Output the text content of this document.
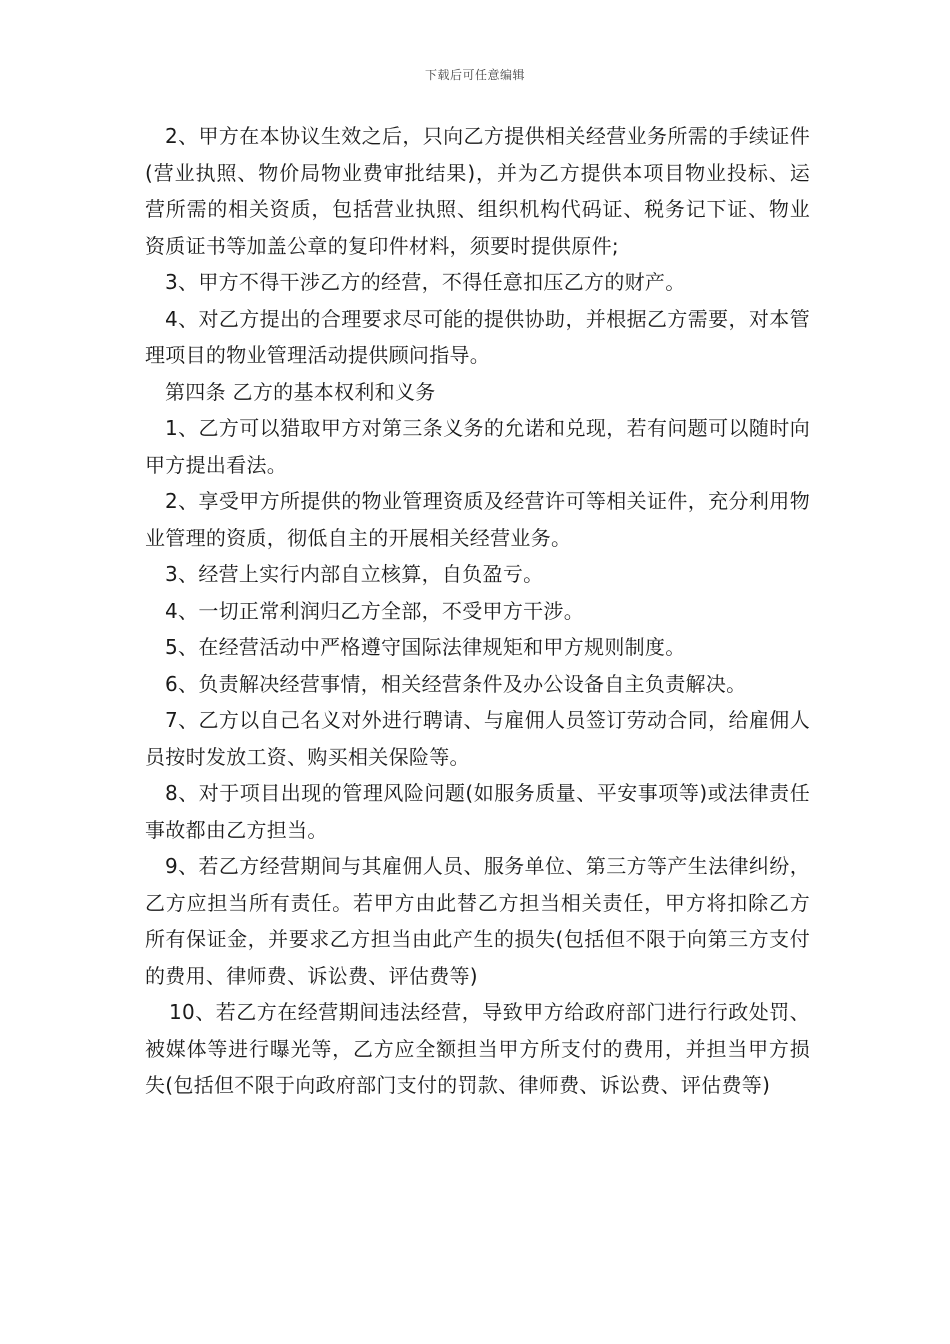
下载后可任意编辑

2、甲方在本协议生效之后，只向乙方提供相关经营业务所需的手续证件(营业执照、物价局物业费审批结果)，并为乙方提供本项目物业投标、运营所需的相关资质，包括营业执照、组织机构代码证、税务记下证、物业资质证书等加盖公章的复印件材料，须要时提供原件;

3、甲方不得干涉乙方的经营，不得任意扣压乙方的财产。

4、对乙方提出的合理要求尽可能的提供协助，并根据乙方需要，对本管理项目的物业管理活动提供顾问指导。

第四条 乙方的基本权利和义务

1、乙方可以猎取甲方对第三条义务的允诺和兑现，若有问题可以随时向甲方提出看法。

2、享受甲方所提供的物业管理资质及经营许可等相关证件，充分利用物业管理的资质，彻低自主的开展相关经营业务。

3、经营上实行内部自立核算，自负盈亏。

4、一切正常利润归乙方全部，不受甲方干涉。

5、在经营活动中严格遵守国际法律规矩和甲方规则制度。

6、负责解决经营事情，相关经营条件及办公设备自主负责解决。

7、乙方以自己名义对外进行聘请、与雇佣人员签订劳动合同，给雇佣人员按时发放工资、购买相关保险等。

8、对于项目出现的管理风险问题(如服务质量、平安事项等)或法律责任事故都由乙方担当。

9、若乙方经营期间与其雇佣人员、服务单位、第三方等产生法律纠纷，乙方应担当所有责任。若甲方由此替乙方担当相关责任，甲方将扣除乙方所有保证金，并要求乙方担当由此产生的损失(包括但不限于向第三方支付的费用、律师费、诉讼费、评估费等)

10、若乙方在经营期间违法经营，导致甲方给政府部门进行行政处罚、被媒体等进行曝光等，乙方应全额担当甲方所支付的费用，并担当甲方损失(包括但不限于向政府部门支付的罚款、律师费、诉讼费、评估费等)
